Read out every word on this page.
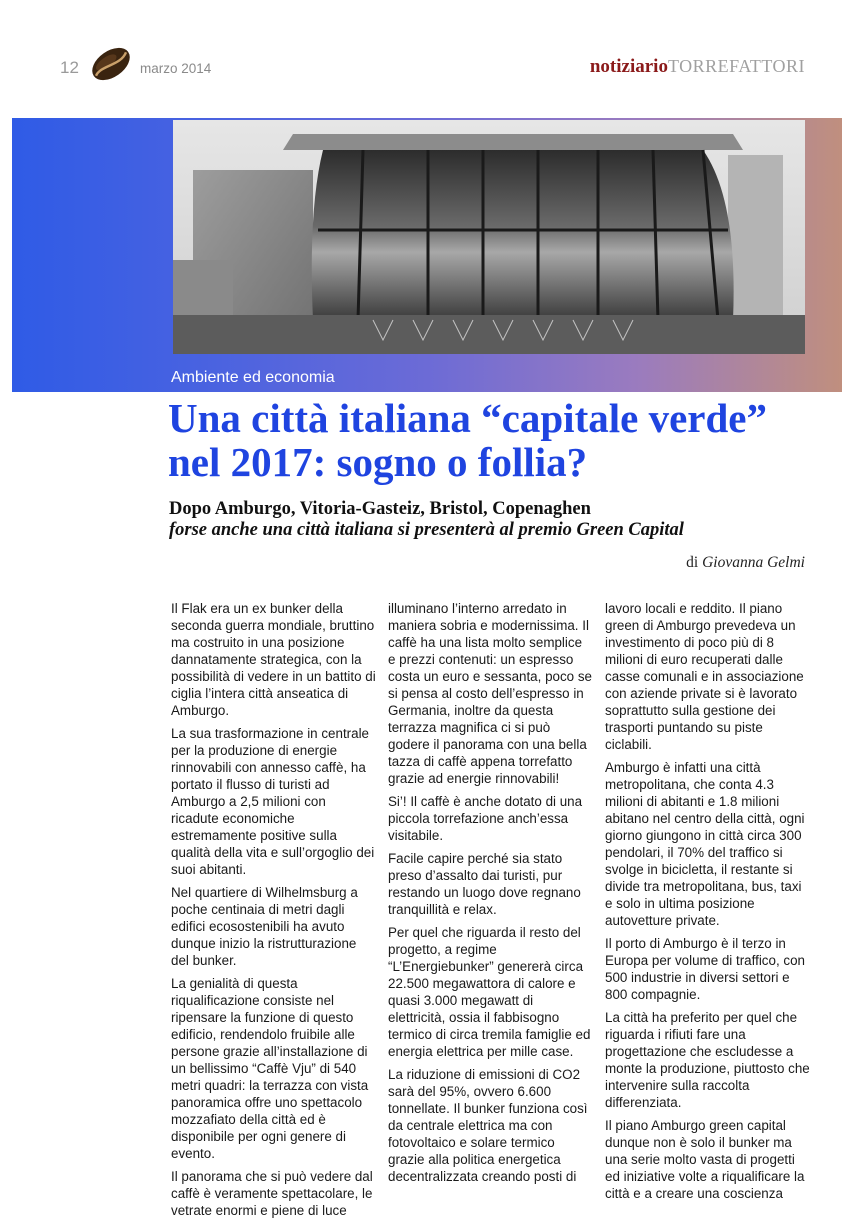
12	marzo 2014	notiziarioTORREFATTORI
Ambiente ed economia
Una città italiana “capitale verde” nel 2017: sogno o follia?

Dopo Amburgo, Vitoria-Gasteiz, Bristol, Copenaghen
forse anche una città italiana si presenterà al premio Green Capital

di Giovanna Gelmi

Il Flak era un ex bunker della seconda guerra mondiale, bruttino ma costruito in una posizione dannatamente strategica, con la possibilità di vedere in un battito di ciglia l’intera città anseatica di Amburgo.

La sua trasformazione in centrale per la produzione di energie rinnovabili con annesso caffè, ha portato il flusso di turisti ad Amburgo a 2,5 milioni con ricadute economiche estremamente positive sulla qualità della vita e sull’orgoglio dei suoi abitanti.

Nel quartiere di Wilhelmsburg a poche centinaia di metri dagli edifici ecosostenibili ha avuto dunque inizio la ristrutturazione del bunker.

La genialità di questa riqualificazione consiste nel ripensare la funzione di questo edificio, rendendolo fruibile alle persone grazie all’installazione di un bellissimo “Caffè Vju” di 540 metri quadri: la terrazza con vista panoramica offre uno spettacolo mozzafiato della città ed è disponibile per ogni genere di evento.

Il panorama che si può vedere dal caffè è veramente spettacolare, le vetrate enormi e piene di luce

illuminano l’interno arredato in maniera sobria e modernissima. Il caffè ha una lista molto semplice e prezzi contenuti: un espresso costa un euro e sessanta, poco se si pensa al costo dell’espresso in Germania, inoltre da questa terrazza magnifica ci si può godere il panorama con una bella tazza di caffè appena torrefatto grazie ad energie rinnovabili!

Si’! Il caffè è anche dotato di una piccola torrefazione anch’essa visitabile.

Facile capire perché sia stato preso d’assalto dai turisti, pur restando un luogo dove regnano tranquillità e relax.

Per quel che riguarda il resto del progetto, a regime “L’Energiebunker” genererà circa 22.500 megawattora di calore e quasi 3.000 megawatt di elettricità, ossia il fabbisogno termico di circa tremila famiglie ed energia elettrica per mille case.

La riduzione di emissioni di CO2 sarà del 95%, ovvero 6.600 tonnellate. Il bunker funziona così da centrale elettrica ma con fotovoltaico e solare termico grazie alla politica energetica decentralizzata creando posti di

lavoro locali e reddito. Il piano green di Amburgo prevedeva un investimento di poco più di 8 milioni di euro recuperati dalle casse comunali e in associazione con aziende private si è lavorato soprattutto sulla gestione dei trasporti puntando su piste ciclabili.

Amburgo è infatti una città metropolitana, che conta 4.3 milioni di abitanti e 1.8 milioni abitano nel centro della città, ogni giorno giungono in città circa 300 pendolari, il 70% del traffico si svolge in bicicletta, il restante si divide tra metropolitana, bus, taxi e solo in ultima posizione autovetture private.

Il porto di Amburgo è il terzo in Europa per volume di traffico, con 500 industrie in diversi settori e 800 compagnie.

La città ha preferito per quel che riguarda i rifiuti fare una progettazione che escludesse a monte la produzione, piuttosto che intervenire sulla raccolta differenziata.

Il piano Amburgo green capital dunque non è solo il bunker ma una serie molto vasta di progetti ed iniziative volte a riqualificare la città e a creare una coscienza
